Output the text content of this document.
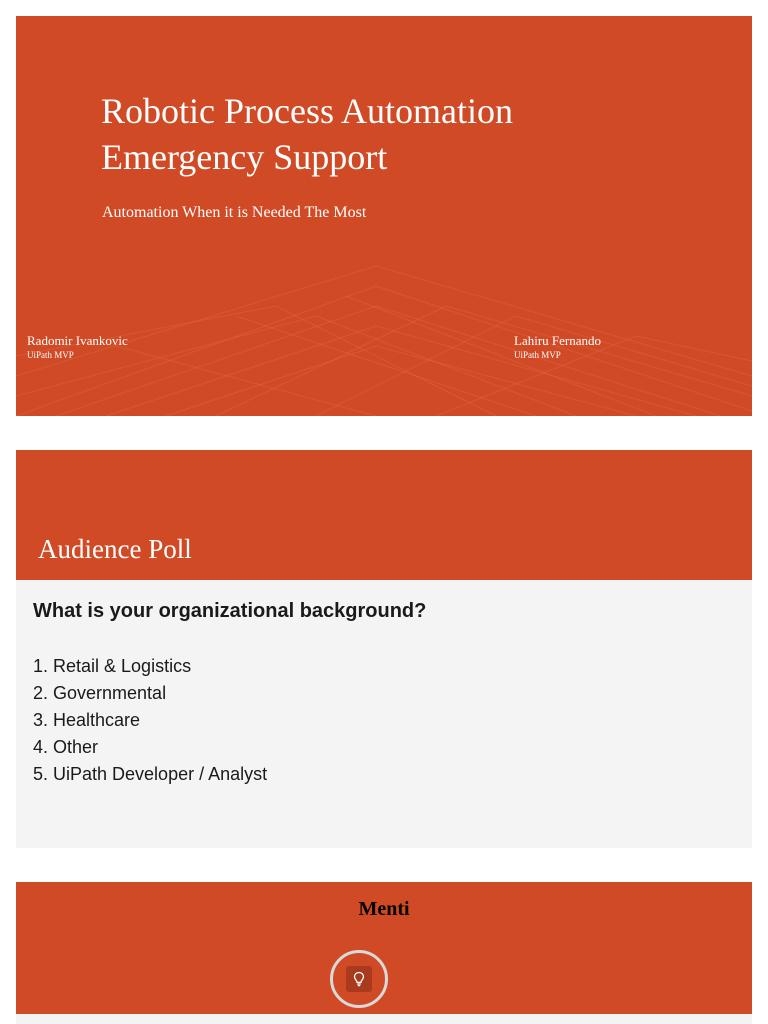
Robotic Process Automation
Emergency Support
Automation When it is Needed The Most
Radomir Ivankovic
UiPath MVP
Lahiru Fernando
UiPath MVP
Audience Poll
What is your organizational background?
1. Retail & Logistics
2. Governmental
3. Healthcare
4. Other
5. UiPath Developer / Analyst
Menti
